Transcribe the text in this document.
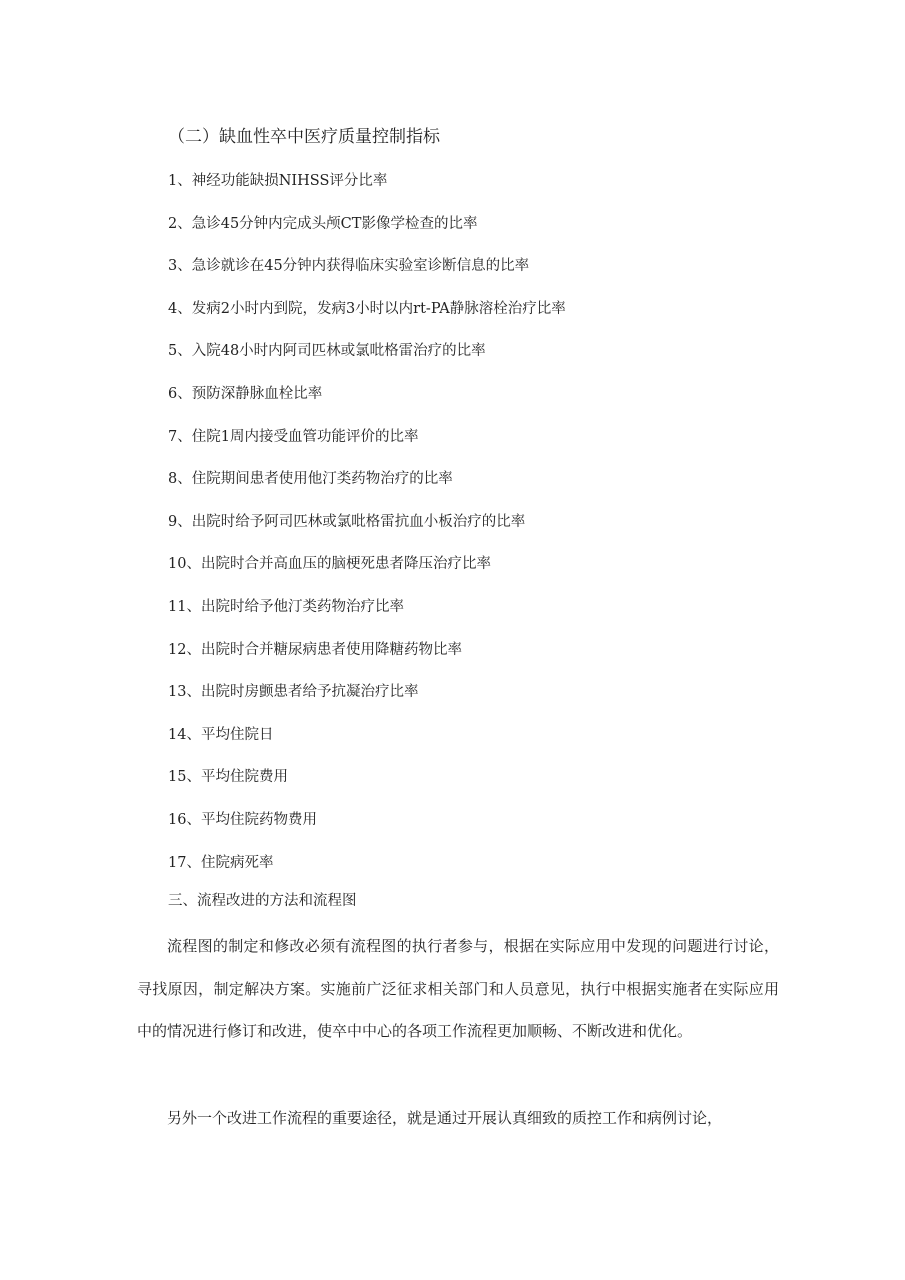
（二）缺血性卒中医疗质量控制指标
1、神经功能缺损NIHSS评分比率
2、急诊45分钟内完成头颅CT影像学检查的比率
3、急诊就诊在45分钟内获得临床实验室诊断信息的比率
4、发病2小时内到院，发病3小时以内rt-PA静脉溶栓治疗比率
5、入院48小时内阿司匹林或氯吡格雷治疗的比率
6、预防深静脉血栓比率
7、住院1周内接受血管功能评价的比率
8、住院期间患者使用他汀类药物治疗的比率
9、出院时给予阿司匹林或氯吡格雷抗血小板治疗的比率
10、出院时合并高血压的脑梗死患者降压治疗比率
11、出院时给予他汀类药物治疗比率
12、出院时合并糖尿病患者使用降糖药物比率
13、出院时房颤患者给予抗凝治疗比率
14、平均住院日
15、平均住院费用
16、平均住院药物费用
17、住院病死率
三、流程改进的方法和流程图

流程图的制定和修改必须有流程图的执行者参与，根据在实际应用中发现的问题进行讨论，寻找原因，制定解决方案。实施前广泛征求相关部门和人员意见，执行中根据实施者在实际应用中的情况进行修订和改进，使卒中中心的各项工作流程更加顺畅、不断改进和优化。

另外一个改进工作流程的重要途径，就是通过开展认真细致的质控工作和病例讨论，
